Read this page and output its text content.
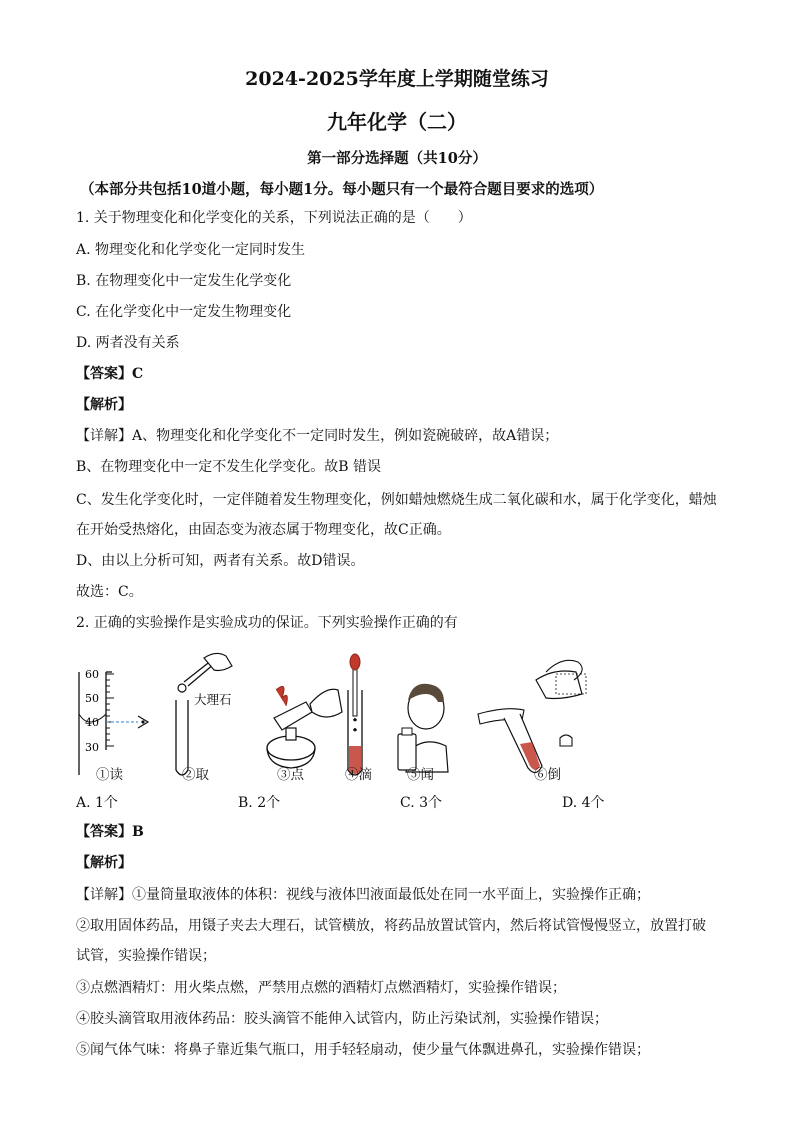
2024-2025学年度上学期随堂练习
九年化学（二）
第一部分选择题（共10分）
（本部分共包括10道小题，每小题1分。每小题只有一个最符合题目要求的选项）
1. 关于物理变化和化学变化的关系，下列说法正确的是（　　）
A. 物理变化和化学变化一定同时发生
B. 在物理变化中一定发生化学变化
C. 在化学变化中一定发生物理变化
D. 两者没有关系
【答案】C
【解析】
【详解】A、物理变化和化学变化不一定同时发生，例如瓷碗破碎，故A错误；
B、在物理变化中一定不发生化学变化。故B 错误
C、发生化学变化时，一定伴随着发生物理变化，例如蜡烛燃烧生成二氧化碳和水，属于化学变化，蜡烛
在开始受热熔化，由固态变为液态属于物理变化，故C正确。
D、由以上分析可知，两者有关系。故D错误。
故选：C。
2. 正确的实验操作是实验成功的保证。下列实验操作正确的有
60
50
40
30
大理石
①读	②取	③点	④滴	⑤闻	⑥倒
A. 1个	B. 2个	C. 3个	D. 4个
【答案】B
【解析】
【详解】①量筒量取液体的体积：视线与液体凹液面最低处在同一水平面上，实验操作正确；
②取用固体药品，用镊子夹去大理石，试管横放，将药品放置试管内，然后将试管慢慢竖立，放置打破
试管，实验操作错误；
③点燃酒精灯：用火柴点燃，严禁用点燃的酒精灯点燃酒精灯，实验操作错误；
④胶头滴管取用液体药品：胶头滴管不能伸入试管内，防止污染试剂，实验操作错误；
⑤闻气体气味：将鼻子靠近集气瓶口，用手轻轻扇动，使少量气体飘进鼻孔，实验操作错误；
